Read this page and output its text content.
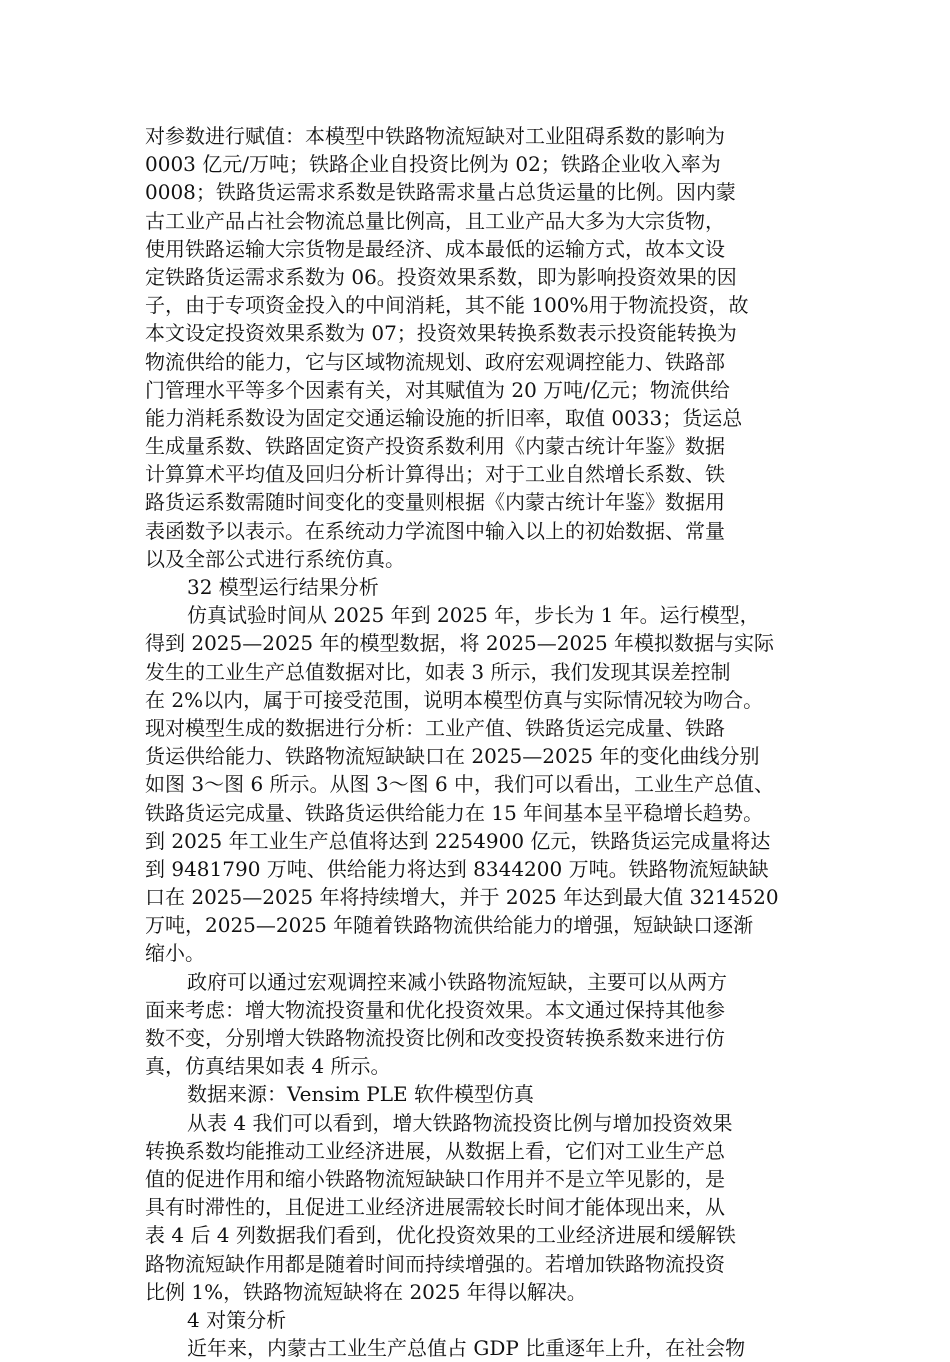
对参数进行赋值：本模型中铁路物流短缺对工业阻碍系数的影响为
0003 亿元/万吨；铁路企业自投资比例为 02；铁路企业收入率为
0008；铁路货运需求系数是铁路需求量占总货运量的比例。因内蒙
古工业产品占社会物流总量比例高，且工业产品大多为大宗货物，
使用铁路运输大宗货物是最经济、成本最低的运输方式，故本文设
定铁路货运需求系数为 06。投资效果系数，即为影响投资效果的因
子，由于专项资金投入的中间消耗，其不能 100%用于物流投资，故
本文设定投资效果系数为 07；投资效果转换系数表示投资能转换为
物流供给的能力，它与区域物流规划、政府宏观调控能力、铁路部
门管理水平等多个因素有关，对其赋值为 20 万吨/亿元；物流供给
能力消耗系数设为固定交通运输设施的折旧率，取值 0033；货运总
生成量系数、铁路固定资产投资系数利用《内蒙古统计年鉴》数据
计算算术平均值及回归分析计算得出；对于工业自然增长系数、铁
路货运系数需随时间变化的变量则根据《内蒙古统计年鉴》数据用
表函数予以表示。在系统动力学流图中输入以上的初始数据、常量
以及全部公式进行系统仿真。
32 模型运行结果分析
仿真试验时间从 2025 年到 2025 年，步长为 1 年。运行模型，
得到 2025—2025 年的模型数据，将 2025—2025 年模拟数据与实际
发生的工业生产总值数据对比，如表 3 所示，我们发现其误差控制
在 2%以内，属于可接受范围，说明本模型仿真与实际情况较为吻合。
现对模型生成的数据进行分析：工业产值、铁路货运完成量、铁路
货运供给能力、铁路物流短缺缺口在 2025—2025 年的变化曲线分别
如图 3～图 6 所示。从图 3～图 6 中，我们可以看出，工业生产总值、
铁路货运完成量、铁路货运供给能力在 15 年间基本呈平稳增长趋势。
到 2025 年工业生产总值将达到 2254900 亿元，铁路货运完成量将达
到 9481790 万吨、供给能力将达到 8344200 万吨。铁路物流短缺缺
口在 2025—2025 年将持续增大，并于 2025 年达到最大值 3214520
万吨，2025—2025 年随着铁路物流供给能力的增强，短缺缺口逐渐
缩小。
政府可以通过宏观调控来减小铁路物流短缺，主要可以从两方
面来考虑：增大物流投资量和优化投资效果。本文通过保持其他参
数不变，分别增大铁路物流投资比例和改变投资转换系数来进行仿
真，仿真结果如表 4 所示。
数据来源：Vensim PLE 软件模型仿真
从表 4 我们可以看到，增大铁路物流投资比例与增加投资效果
转换系数均能推动工业经济进展，从数据上看，它们对工业生产总
值的促进作用和缩小铁路物流短缺缺口作用并不是立竿见影的，是
具有时滞性的，且促进工业经济进展需较长时间才能体现出来，从
表 4 后 4 列数据我们看到，优化投资效果的工业经济进展和缓解铁
路物流短缺作用都是随着时间而持续增强的。若增加铁路物流投资
比例 1%，铁路物流短缺将在 2025 年得以解决。
4 对策分析
近年来，内蒙古工业生产总值占 GDP 比重逐年上升，在社会物
